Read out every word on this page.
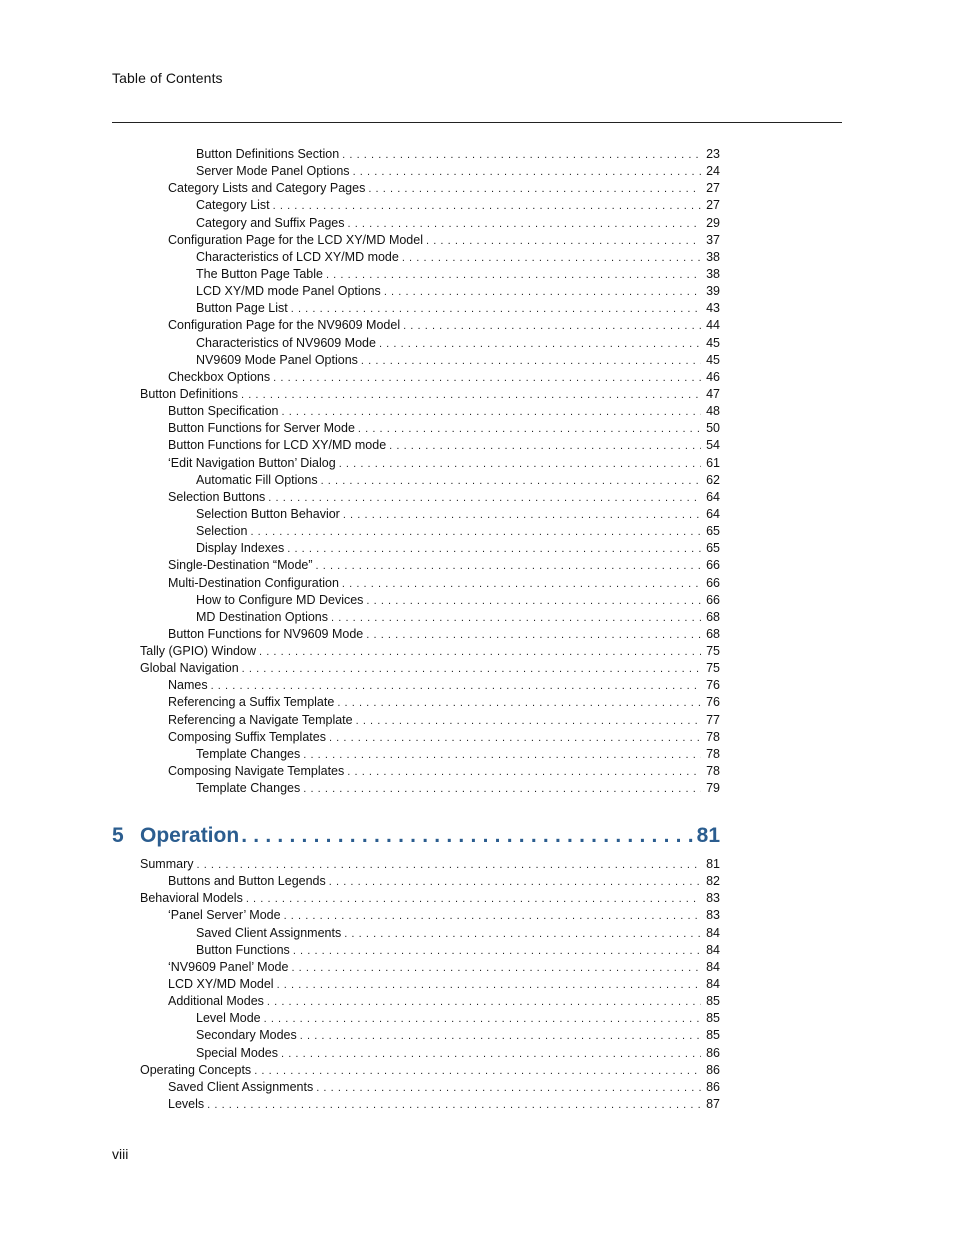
Table of Contents
Button Definitions Section . . .	23
Server Mode Panel Options . . .	24
Category Lists and Category Pages . . .	27
Category List . . .	27
Category and Suffix Pages . . .	29
Configuration Page for the LCD XY/MD Model . . .	37
Characteristics of LCD XY/MD mode . . .	38
The Button Page Table . . .	38
LCD XY/MD mode Panel Options . . .	39
Button Page List . . .	43
Configuration Page for the NV9609 Model . . .	44
Characteristics of NV9609 Mode . . .	45
NV9609 Mode Panel Options . . .	45
Checkbox Options . . .	46
Button Definitions . . .	47
Button Specification . . .	48
Button Functions for Server Mode . . .	50
Button Functions for LCD XY/MD mode . . .	54
‘Edit Navigation Button’ Dialog . . .	61
Automatic Fill Options . . .	62
Selection Buttons . . .	64
Selection Button Behavior . . .	64
Selection . . .	65
Display Indexes . . .	65
Single-Destination “Mode” . . .	66
Multi-Destination Configuration . . .	66
How to Configure MD Devices . . .	66
MD Destination Options . . .	68
Button Functions for NV9609 Mode . . .	68
Tally (GPIO) Window . . .	75
Global Navigation . . .	75
Names . . .	76
Referencing a Suffix Template . . .	76
Referencing a Navigate Template . . .	77
Composing Suffix Templates . . .	78
Template Changes . . .	78
Composing Navigate Templates . . .	78
Template Changes . . .	79
5 Operation . . .	81
Summary . . .	81
Buttons and Button Legends . . .	82
Behavioral Models . . .	83
‘Panel Server’ Mode . . .	83
Saved Client Assignments . . .	84
Button Functions . . .	84
‘NV9609 Panel’ Mode . . .	84
LCD XY/MD Model . . .	84
Additional Modes . . .	85
Level Mode . . .	85
Secondary Modes . . .	85
Special Modes . . .	86
Operating Concepts . . .	86
Saved Client Assignments . . .	86
Levels . . .	87
viii
